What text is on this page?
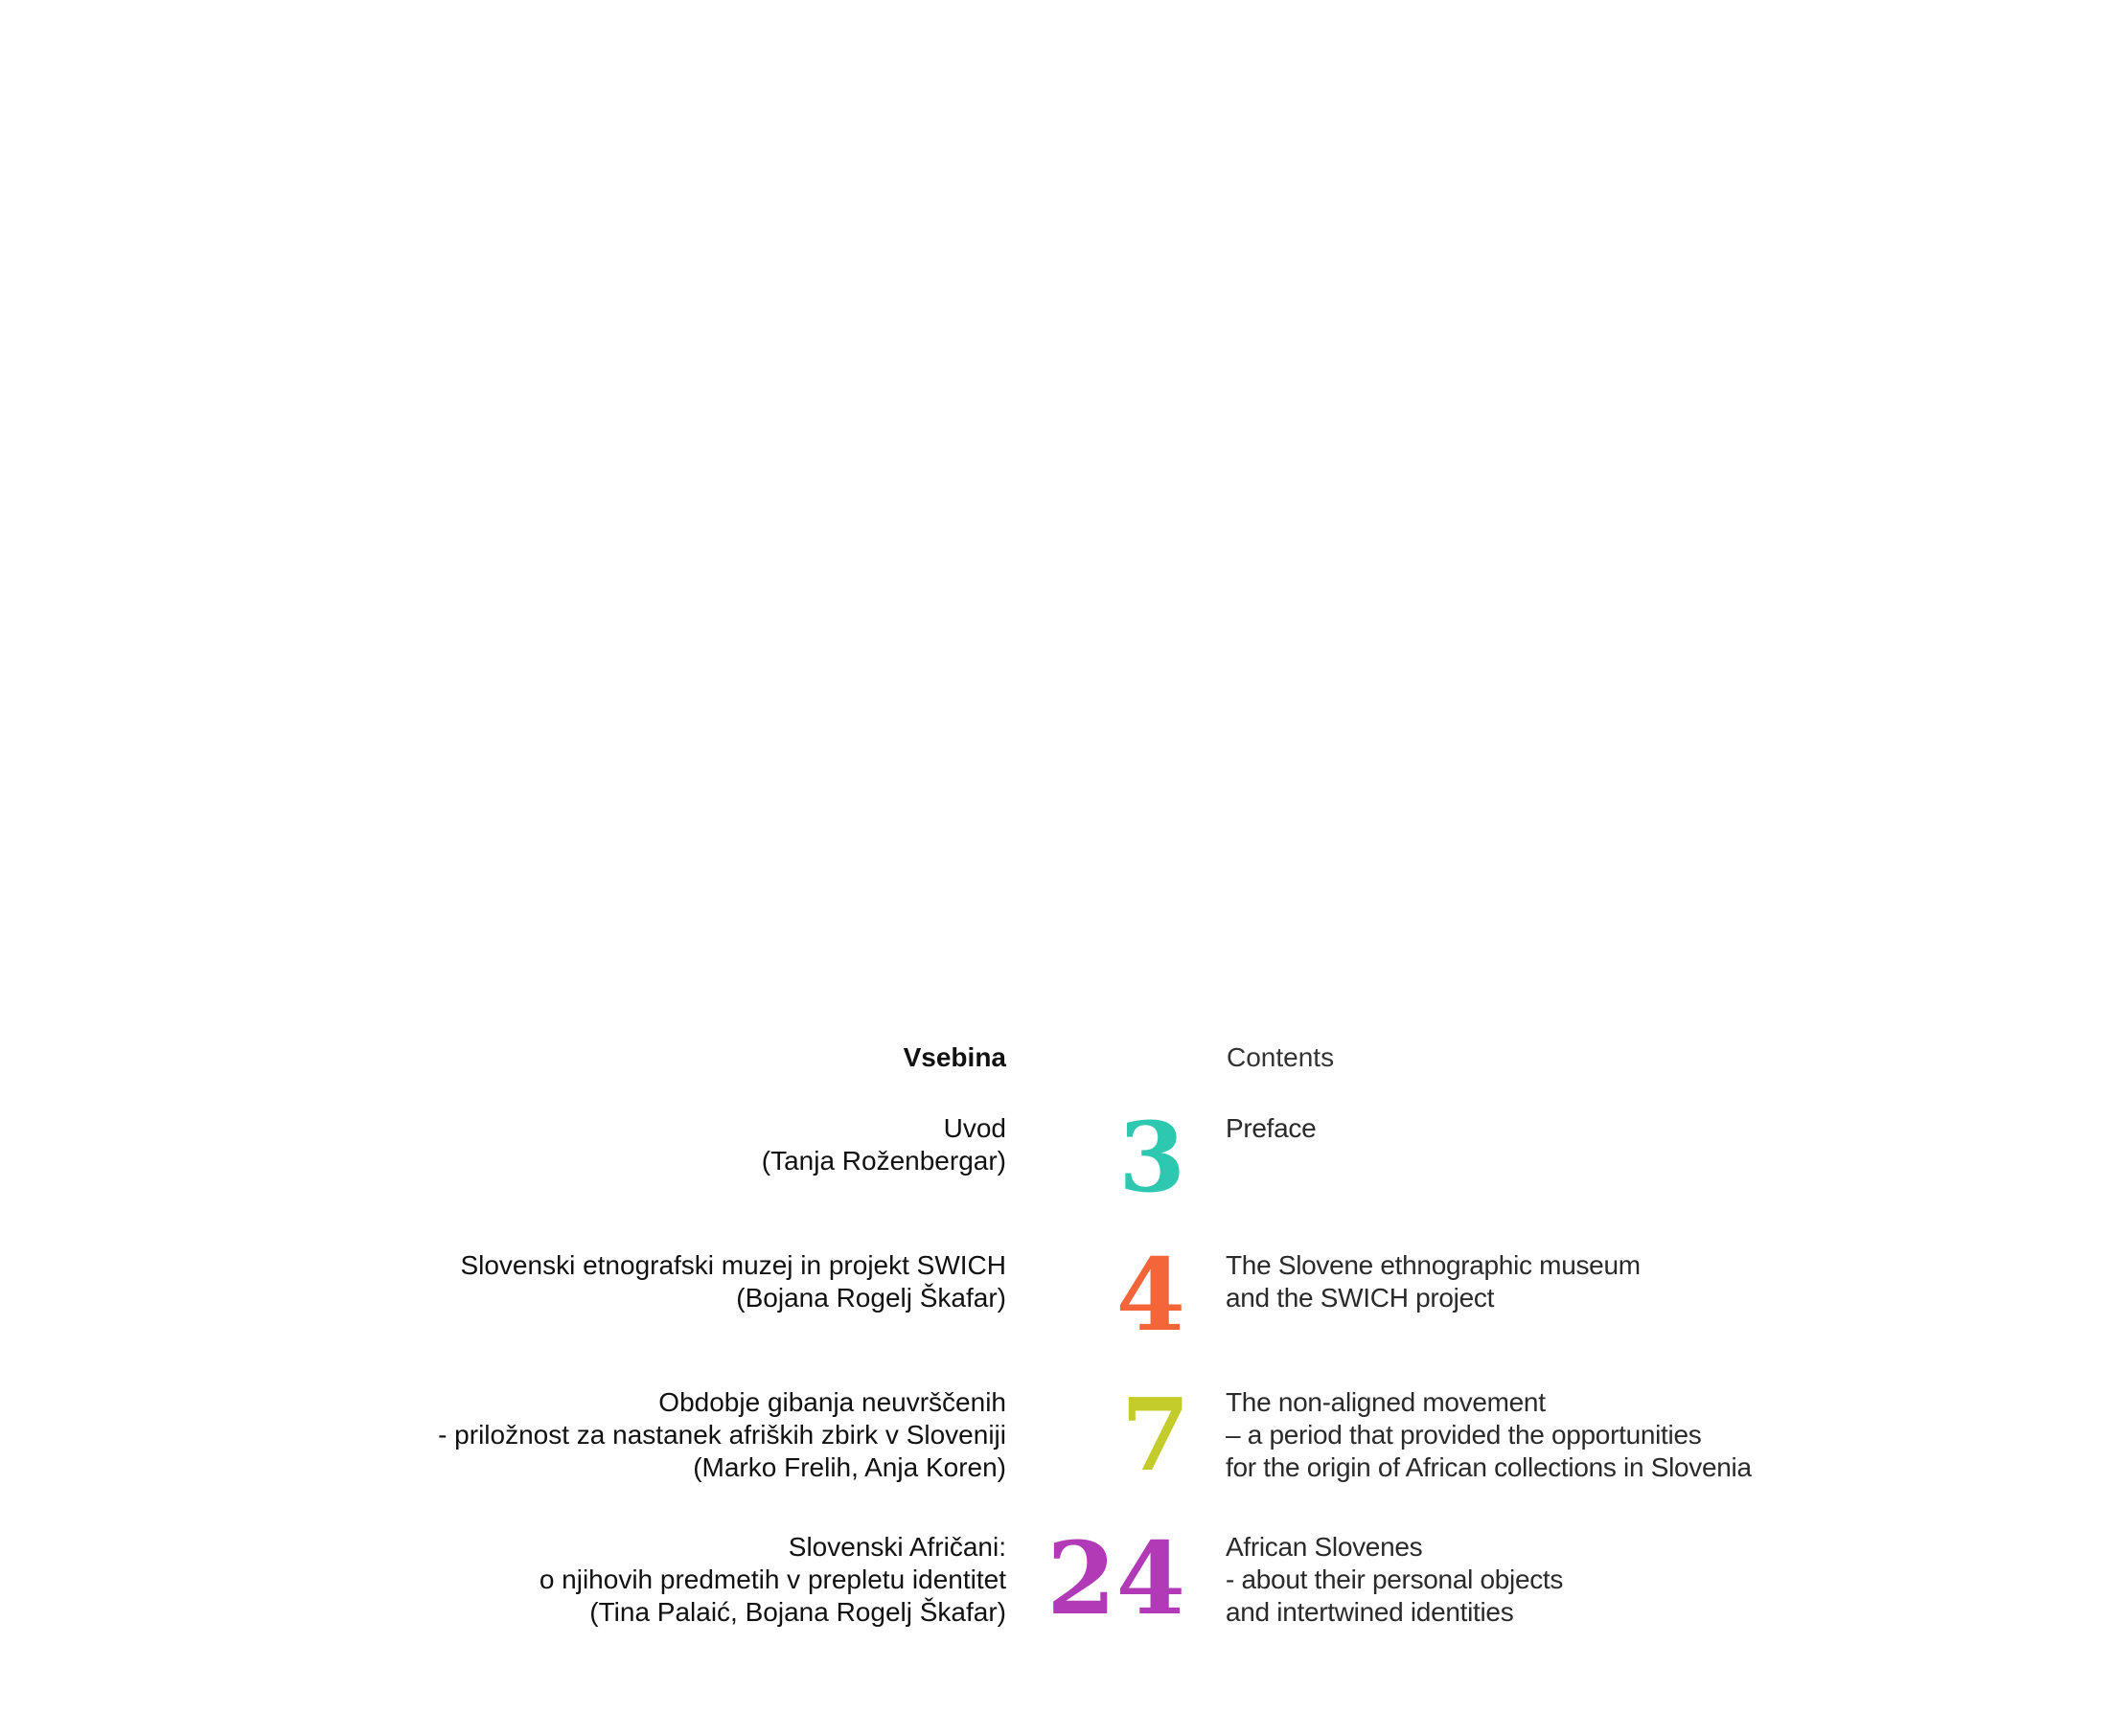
Vsebina	Contents
Uvod
(Tanja Roženbergar) 3 Preface
Slovenski etnografski muzej in projekt SWICH
(Bojana Rogelj Škafar) 4 The Slovene ethnographic museum
and the SWICH project
Obdobje gibanja neuvrščenih
- priložnost za nastanek afriških zbirk v Sloveniji
(Marko Frelih, Anja Koren) 7 The non-aligned movement
– a period that provided the opportunities
for the origin of African collections in Slovenia
Slovenski Afričani:
o njihovih predmetih v prepletu identitet
(Tina Palaić, Bojana Rogelj Škafar) 24 African Slovenes
- about their personal objects
and intertwined identities
